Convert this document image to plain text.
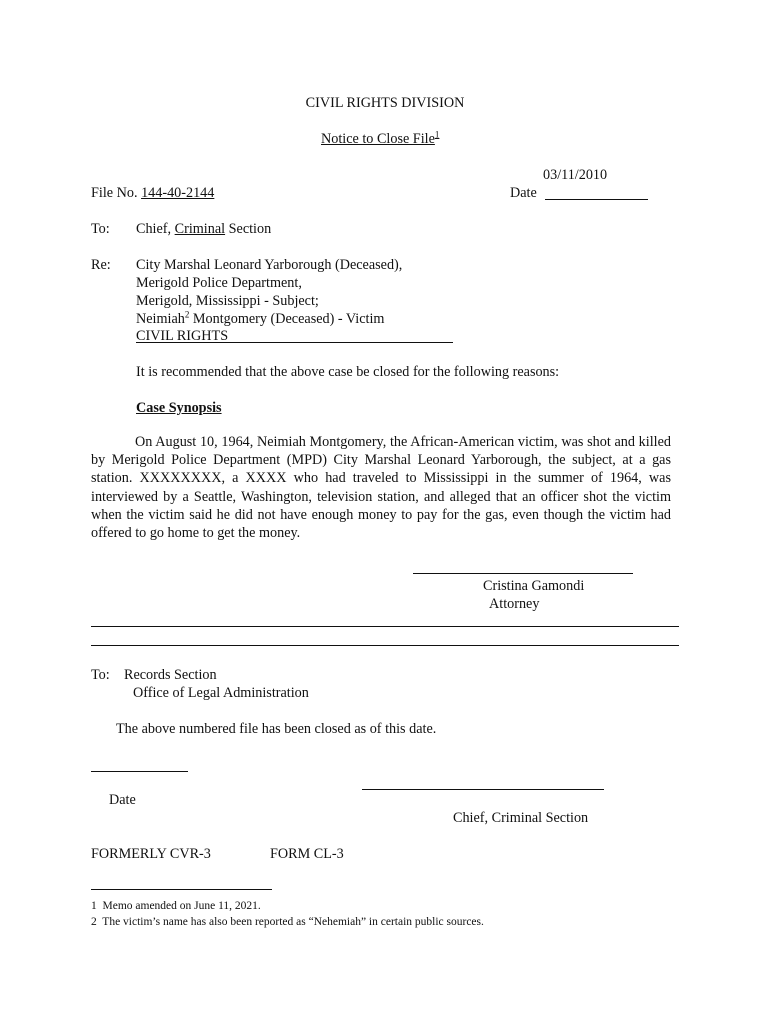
CIVIL RIGHTS DIVISION
Notice to Close File$^1$
03/11/2010
File No. 144-40-2144	Date
To: Chief, Criminal Section
Re: City Marshal Leonard Yarborough (Deceased),
Merigold Police Department,
Merigold, Mississippi - Subject;
Neimiah$^2$ Montgomery (Deceased) - Victim
CIVIL RIGHTS
It is recommended that the above case be closed for the following reasons:
Case Synopsis
On August 10, 1964, Neimiah Montgomery, the African-American victim, was shot and killed by Merigold Police Department (MPD) City Marshal Leonard Yarborough, the subject, at a gas station. XXXXXXXX, a XXXX who had traveled to Mississippi in the summer of 1964, was interviewed by a Seattle, Washington, television station, and alleged that an officer shot the victim when the victim said he did not have enough money to pay for the gas, even though the victim had offered to go home to get the money.
Cristina Gamondi
Attorney
To: Records Section
Office of Legal Administration
The above numbered file has been closed as of this date.
Date
Chief, Criminal Section
FORMERLY CVR-3	FORM CL-3
1 Memo amended on June 11, 2021.
2 The victim’s name has also been reported as “Nehemiah” in certain public sources.
